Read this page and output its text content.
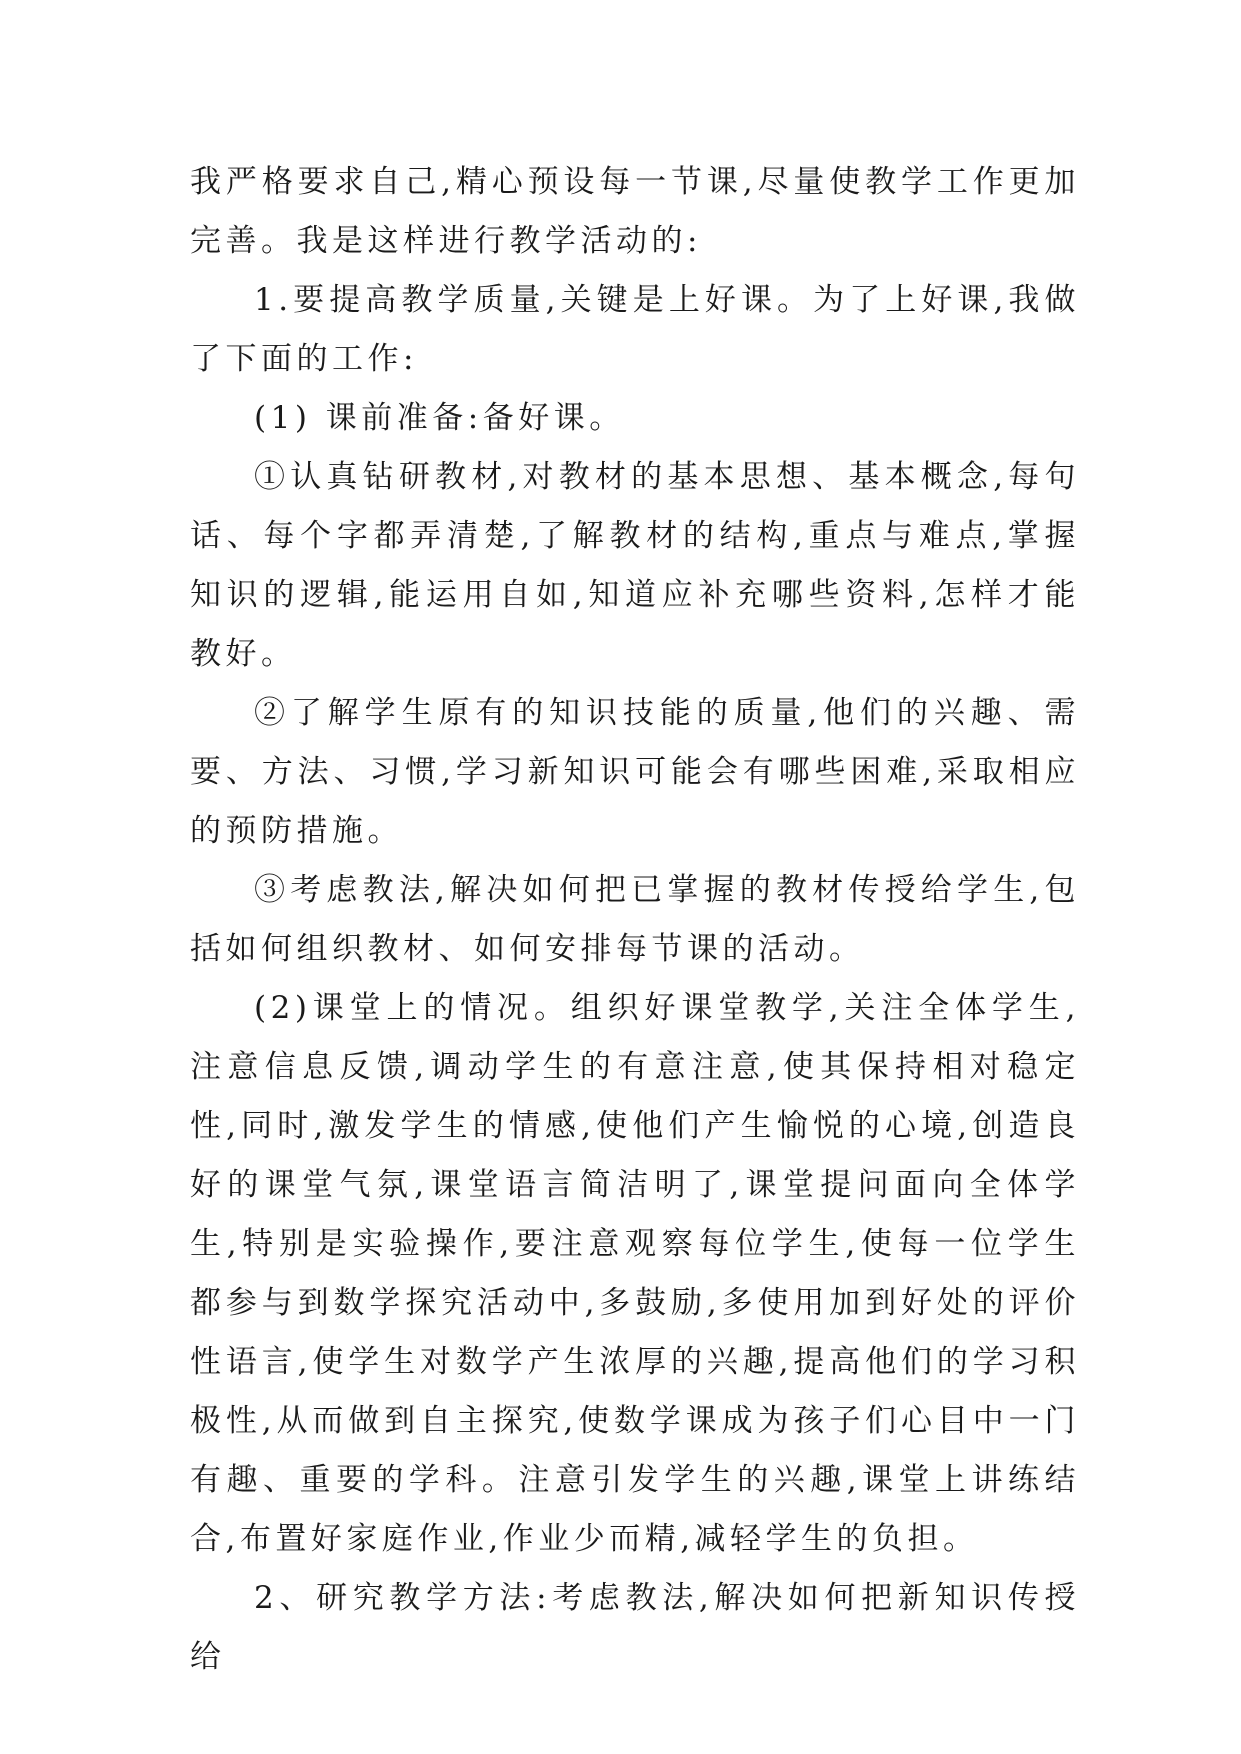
我严格要求自己,精心预设每一节课,尽量使教学工作更加完善。我是这样进行教学活动的:

1.要提高教学质量,关键是上好课。为了上好课,我做了下面的工作:

(1) 课前准备:备好课。

①认真钻研教材,对教材的基本思想、基本概念,每句话、每个字都弄清楚,了解教材的结构,重点与难点,掌握知识的逻辑,能运用自如,知道应补充哪些资料,怎样才能教好。

②了解学生原有的知识技能的质量,他们的兴趣、需要、方法、习惯,学习新知识可能会有哪些困难,采取相应的预防措施。

③考虑教法,解决如何把已掌握的教材传授给学生,包括如何组织教材、如何安排每节课的活动。

(2)课堂上的情况。组织好课堂教学,关注全体学生,注意信息反馈,调动学生的有意注意,使其保持相对稳定性,同时,激发学生的情感,使他们产生愉悦的心境,创造良好的课堂气氛,课堂语言简洁明了,课堂提问面向全体学生,特别是实验操作,要注意观察每位学生,使每一位学生都参与到数学探究活动中,多鼓励,多使用加到好处的评价性语言,使学生对数学产生浓厚的兴趣,提高他们的学习积极性,从而做到自主探究,使数学课成为孩子们心目中一门有趣、重要的学科。注意引发学生的兴趣,课堂上讲练结合,布置好家庭作业,作业少而精,减轻学生的负担。

2、研究教学方法:考虑教法,解决如何把新知识传授给
